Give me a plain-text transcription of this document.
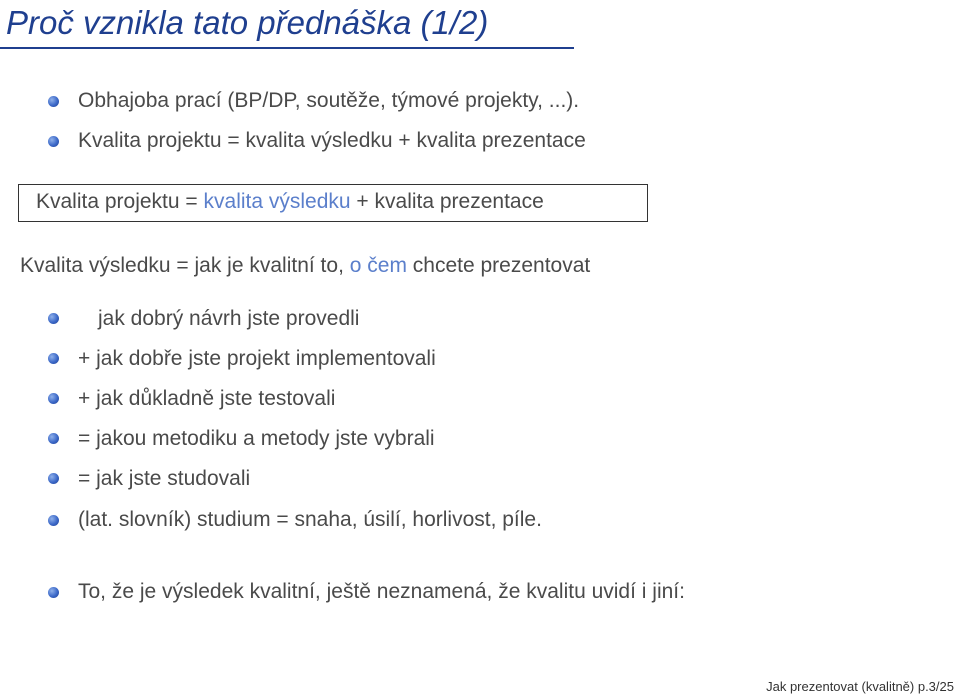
Proč vznikla tato přednáška (1/2)
Obhajoba prací (BP/DP, soutěže, týmové projekty, ...).
Kvalita projektu = kvalita výsledku + kvalita prezentace
Kvalita projektu = kvalita výsledku + kvalita prezentace
Kvalita výsledku = jak je kvalitní to, o čem chcete prezentovat
jak dobrý návrh jste provedli
+ jak dobře jste projekt implementovali
+ jak důkladně jste testovali
= jakou metodiku a metody jste vybrali
= jak jste studovali
(lat. slovník) studium = snaha, úsilí, horlivost, píle.
To, že je výsledek kvalitní, ještě neznamená, že kvalitu uvidí i jiní:
Jak prezentovat (kvalitně) p.3/25
